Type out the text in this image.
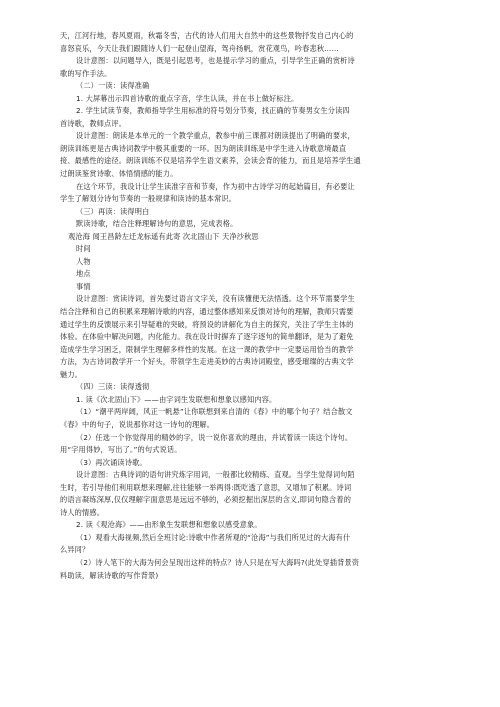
天，江河行地，春风夏雨，秋霜冬雪，古代的诗人们用大自然中的这些景物抒发自己内心的
喜怒哀乐，今天让我们跟随诗人们一起登山望海，驾舟扬帆，赏花观鸟，吟春悲秋……
设计意图：以问题导入，既是引起思考，也是提示学习的重点，引导学生正确的赏析诗
歌的写作手法。
（二）一读：读得准确
1. 大屏幕出示四首诗歌的重点字音，学生认读，并在书上做好标注。
2. 学生试读节奏，教师指导学生用标准的符号划分节奏，找正确的节奏男女生分读四
首诗歌，教师点评。
设计意图：朗读是本单元的一个教学重点，教参中前三课都对朗读提出了明确的要求，
朗读训练更是古典诗词教学中极其重要的一环。因为朗读训练是中学生进入诗歌意境最直
接、最感性的途径。朗读训练不仅是培养学生语文素养，会读会背的能力，而且是培养学生通
过朗读鉴赏诗歌、体悟情感的能力。
在这个环节，我设计让学生读准字音和节奏，作为初中古诗学习的起始篇目，有必要让
学生了解划分诗句节奏的一般规律和读诗的基本常识。
（三）再读：读得明白
默读诗歌，结合注释理解诗句的意思，完成表格。
观沧海 闻王昌龄左迁龙标遥有此寄 次北固山下 天净沙秋思
时间
人物
地点
事情
设计意图：赏读诗词，首先要过语言文字关，没有读懂便无法悟透。这个环节需要学生
结合注释和自己的积累来理解诗歌的内容，通过整体感知来反馈对诗句的理解，教师只需要
通过学生的反馈展示来引导疑难的突破，将预设的讲解化为自主的探究，关注了学生主体的
体验。在体验中解决问题，内化能力。我在设计时摒弃了逐字逐句的简单翻译，是为了避免
造成学生学习困乏，限制学生理解多样性的发展。在这一课的教学中一定要运用恰当的教学
方法，为古诗词教学开一个好头，带领学生走进美妙的古典诗词殿堂，感受璀璨的古典文学
魅力。
（四）三读：读得透彻
1. 读《次北固山下》——由字词生发联想和想象以感知内容。
（1）“潮平两岸阔，风正一帆悬”让你联想到来自清的《春》中的哪个句子？结合散文
《春》中的句子，说说那你对这一诗句的理解。
（2）任选一个你觉得用的精妙的字，说一说你喜欢的理由，并试着读一读这个诗句。
用“字用得妙，写出了。”的句式说话。
（3）再次诵读诗歌。
设计意图：古典诗词的语句讲究炼字用词，一般都比较精练、直观。当学生觉得词句陌
生时，若引导他们利用联想来理解,往往能够一举两得:既吃透了意思，又增加了积累。诗词
的语言凝练深厚,仅仅理解字面意思是远远不够的，必须挖掘出深层的含义,即词句隐含着的
诗人的情感。
2. 读《观沧海》——由形象生发联想和想象以感受意象。
（1）观看大海视频,然后全班讨论:诗歌中作者所观的“沧海”与我们所见过的大海有什
么异同？
（2）诗人笔下的大海为何会呈现出这样的特点？诗人只是在写大海吗?(此处穿插背景资
料助读，解读诗歌的写作背景)
